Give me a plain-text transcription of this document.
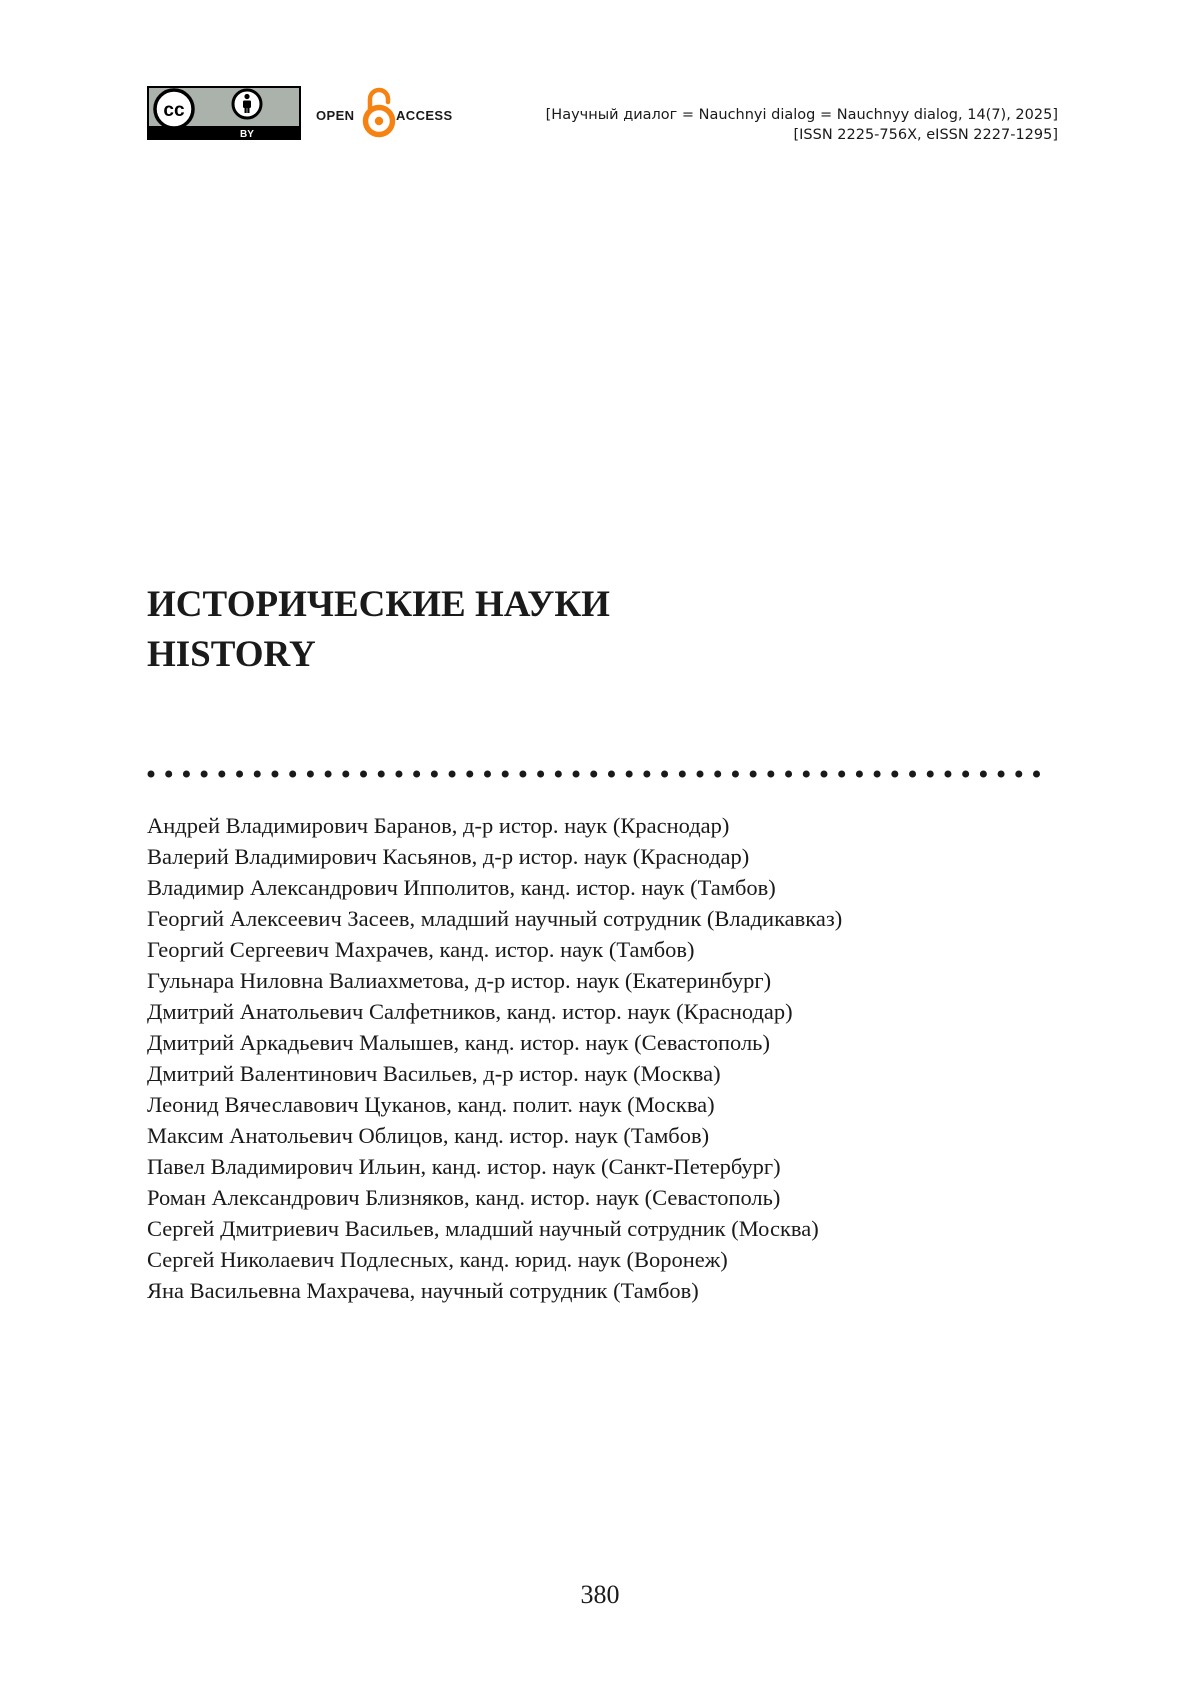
cc
BY
OPEN	ACCESS	[Научный диалог = Nauchnyi dialog = Nauchnyy dialog, 14(7), 2025]
[ISSN 2225-756X, eISSN 2227-1295]
ИСТОРИЧЕСКИЕ НАУКИ
HISTORY
Андрей Владимирович Баранов, д-р истор. наук (Краснодар)
Валерий Владимирович Касьянов, д-р истор. наук (Краснодар)
Владимир Александрович Ипполитов, канд. истор. наук (Тамбов)
Георгий Алексеевич Засеев, младший научный сотрудник (Владикавказ)
Георгий Сергеевич Махрачев, канд. истор. наук (Тамбов)
Гульнара Ниловна Валиахметова, д-р истор. наук (Екатеринбург)
Дмитрий Анатольевич Салфетников, канд. истор. наук (Краснодар)
Дмитрий Аркадьевич Малышев, канд. истор. наук (Севастополь)
Дмитрий Валентинович Васильев, д-р истор. наук (Москва)
Леонид Вячеславович Цуканов, канд. полит. наук (Москва)
Максим Анатольевич Облицов, канд. истор. наук (Тамбов)
Павел Владимирович Ильин, канд. истор. наук (Санкт-Петербург)
Роман Александрович Близняков, канд. истор. наук (Севастополь)
Сергей Дмитриевич Васильев, младший научный сотрудник (Москва)
Сергей Николаевич Подлесных, канд. юрид. наук (Воронеж)
Яна Васильевна Махрачева, научный сотрудник (Тамбов)
380
